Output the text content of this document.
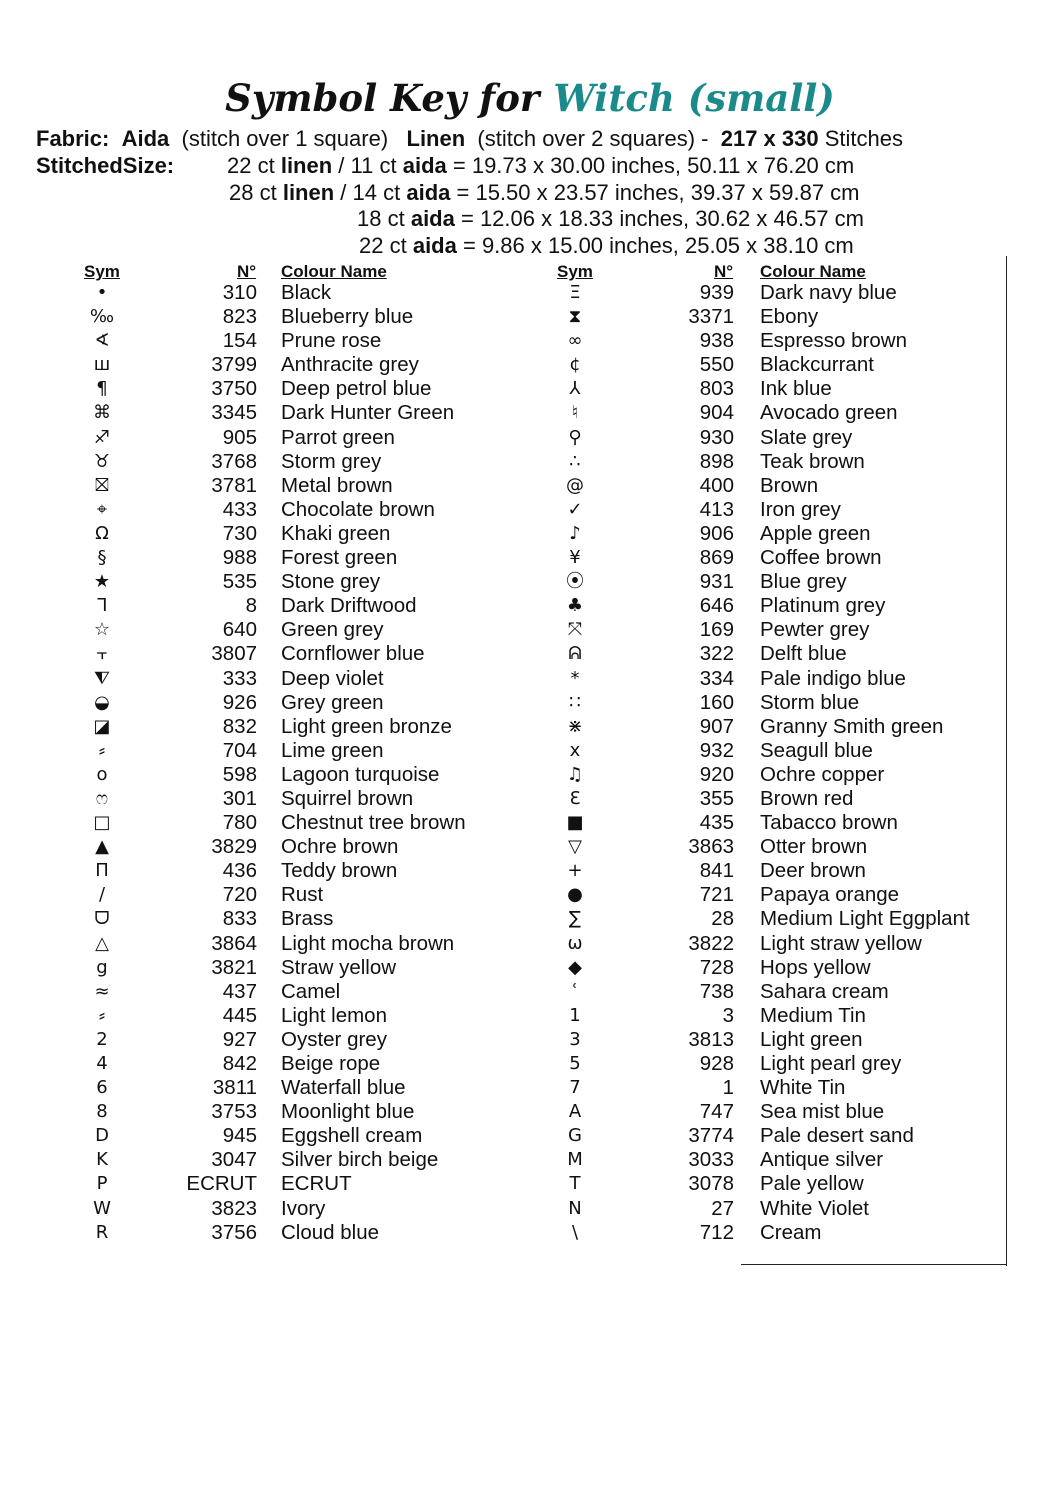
Symbol Key for Witch (small)
Fabric: Aida (stitch over 1 square) Linen (stitch over 2 squares) - 217 x 330 Stitches
StitchedSize: 22 ct linen / 11 ct aida = 19.73 x 30.00 inches, 50.11 x 76.20 cm
28 ct linen / 14 ct aida = 15.50 x 23.57 inches, 39.37 x 59.87 cm
18 ct aida = 12.06 x 18.33 inches, 30.62 x 46.57 cm
22 ct aida = 9.86 x 15.00 inches, 25.05 x 38.10 cm
Sym	N° Colour Name	Sym	N° Colour Name
•	310 Black
‰	823 Blueberry blue
∢	154 Prune rose
ш	3799 Anthracite grey
¶	3750 Deep petrol blue
⌘	3345 Dark Hunter Green
♐	905 Parrot green
♉	3768 Storm grey
⛝	3781 Metal brown
⌖	433 Chocolate brown
Ω	730 Khaki green
§	988 Forest green
★	535 Stone grey
ᒣ	8 Dark Driftwood
☆	640 Green grey
⫟	3807 Cornflower blue
⧨	333 Deep violet
◒	926 Grey green
◪	832 Light green bronze
⸗	704 Lime green
o	598 Lagoon turquoise
ෆ	301 Squirrel brown
□	780 Chestnut tree brown
▲	3829 Ochre brown
Π	436 Teddy brown
/	720 Rust
ᗜ	833 Brass
△	3864 Light mocha brown
g	3821 Straw yellow
≈	437 Camel
⸗	445 Light lemon
2	927 Oyster grey
4	842 Beige rope
6	3811 Waterfall blue
8	3753 Moonlight blue
D	945 Eggshell cream
K	3047 Silver birch beige
P	ECRUT ECRUT
W	3823 Ivory
R	3756 Cloud blue
Ξ	939 Dark navy blue
⧗	3371 Ebony
∞	938 Espresso brown
¢	550 Blackcurrant
⅄	803 Ink blue
♮	904 Avocado green
⚲	930 Slate grey
∴	898 Teak brown
@	400 Brown
✓	413 Iron grey
♪	906 Apple green
¥	869 Coffee brown
⦿	931 Blue grey
♣	646 Platinum grey
⤧	169 Pewter grey
ᕱ	322 Delft blue
*	334 Pale indigo blue
∷	160 Storm blue
⋇	907 Granny Smith green
x	932 Seagull blue
♫	920 Ochre copper
Ɛ	355 Brown red
■	435 Tabacco brown
▽	3863 Otter brown
+	841 Deer brown
●	721 Papaya orange
∑	28 Medium Light Eggplant
ω	3822 Light straw yellow
◆	728 Hops yellow
ʿ	738 Sahara cream
1	3 Medium Tin
3	3813 Light green
5	928 Light pearl grey
7	1 White Tin
A	747 Sea mist blue
G	3774 Pale desert sand
M	3033 Antique silver
T	3078 Pale yellow
N	27 White Violet
\	712 Cream
